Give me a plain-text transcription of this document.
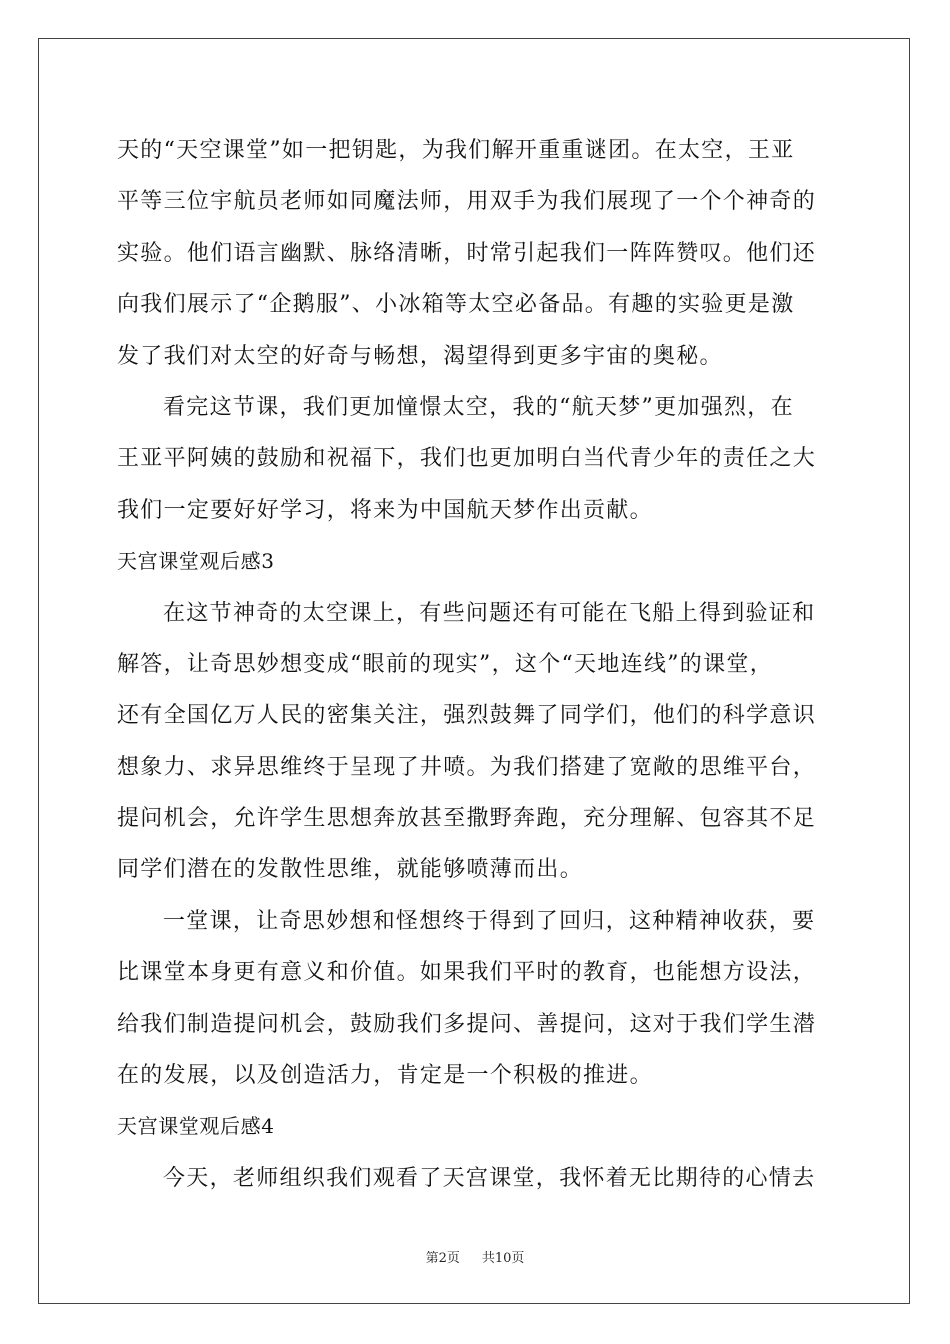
天的“天空课堂”如一把钥匙，为我们解开重重谜团。在太空，王亚
平等三位宇航员老师如同魔法师，用双手为我们展现了一个个神奇的
实验。他们语言幽默、脉络清晰，时常引起我们一阵阵赞叹。他们还
向我们展示了“企鹅服”、小冰箱等太空必备品。有趣的实验更是激
发了我们对太空的好奇与畅想，渴望得到更多宇宙的奥秘。
看完这节课，我们更加憧憬太空，我的“航天梦”更加强烈，在
王亚平阿姨的鼓励和祝福下，我们也更加明白当代青少年的责任之大
我们一定要好好学习，将来为中国航天梦作出贡献。
天宫课堂观后感3
在这节神奇的太空课上，有些问题还有可能在飞船上得到验证和
解答，让奇思妙想变成“眼前的现实”，这个“天地连线”的课堂，
还有全国亿万人民的密集关注，强烈鼓舞了同学们，他们的科学意识
想象力、求异思维终于呈现了井喷。为我们搭建了宽敞的思维平台，
提问机会，允许学生思想奔放甚至撒野奔跑，充分理解、包容其不足
同学们潜在的发散性思维，就能够喷薄而出。
一堂课，让奇思妙想和怪想终于得到了回归，这种精神收获，要
比课堂本身更有意义和价值。如果我们平时的教育，也能想方设法，
给我们制造提问机会，鼓励我们多提问、善提问，这对于我们学生潜
在的发展，以及创造活力，肯定是一个积极的推进。
天宫课堂观后感4
今天，老师组织我们观看了天宫课堂，我怀着无比期待的心情去
第2页 共10页
